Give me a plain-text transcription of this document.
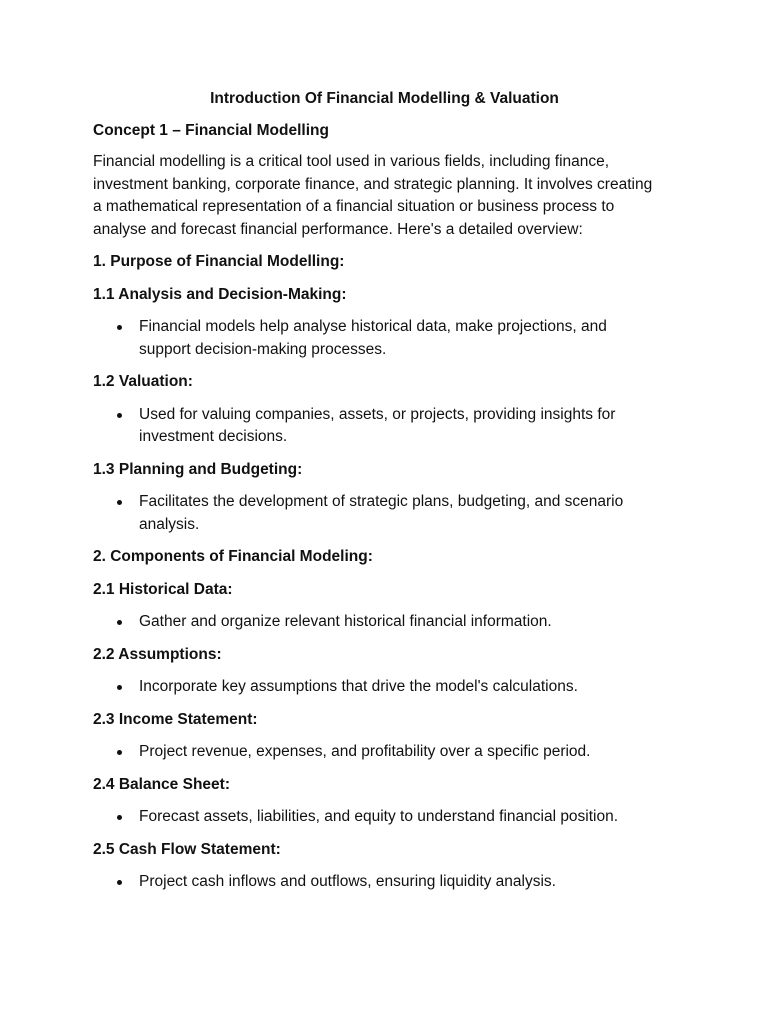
Introduction Of Financial Modelling & Valuation
Concept 1 – Financial Modelling

Financial modelling is a critical tool used in various fields, including finance, investment banking, corporate finance, and strategic planning. It involves creating a mathematical representation of a financial situation or business process to analyse and forecast financial performance. Here's a detailed overview:

1. Purpose of Financial Modelling:
1.1 Analysis and Decision-Making:
Financial models help analyse historical data, make projections, and support decision-making processes.
1.2 Valuation:
Used for valuing companies, assets, or projects, providing insights for investment decisions.
1.3 Planning and Budgeting:
Facilitates the development of strategic plans, budgeting, and scenario analysis.
2. Components of Financial Modeling:
2.1 Historical Data:
Gather and organize relevant historical financial information.
2.2 Assumptions:
Incorporate key assumptions that drive the model's calculations.
2.3 Income Statement:
Project revenue, expenses, and profitability over a specific period.
2.4 Balance Sheet:
Forecast assets, liabilities, and equity to understand financial position.
2.5 Cash Flow Statement:
Project cash inflows and outflows, ensuring liquidity analysis.
